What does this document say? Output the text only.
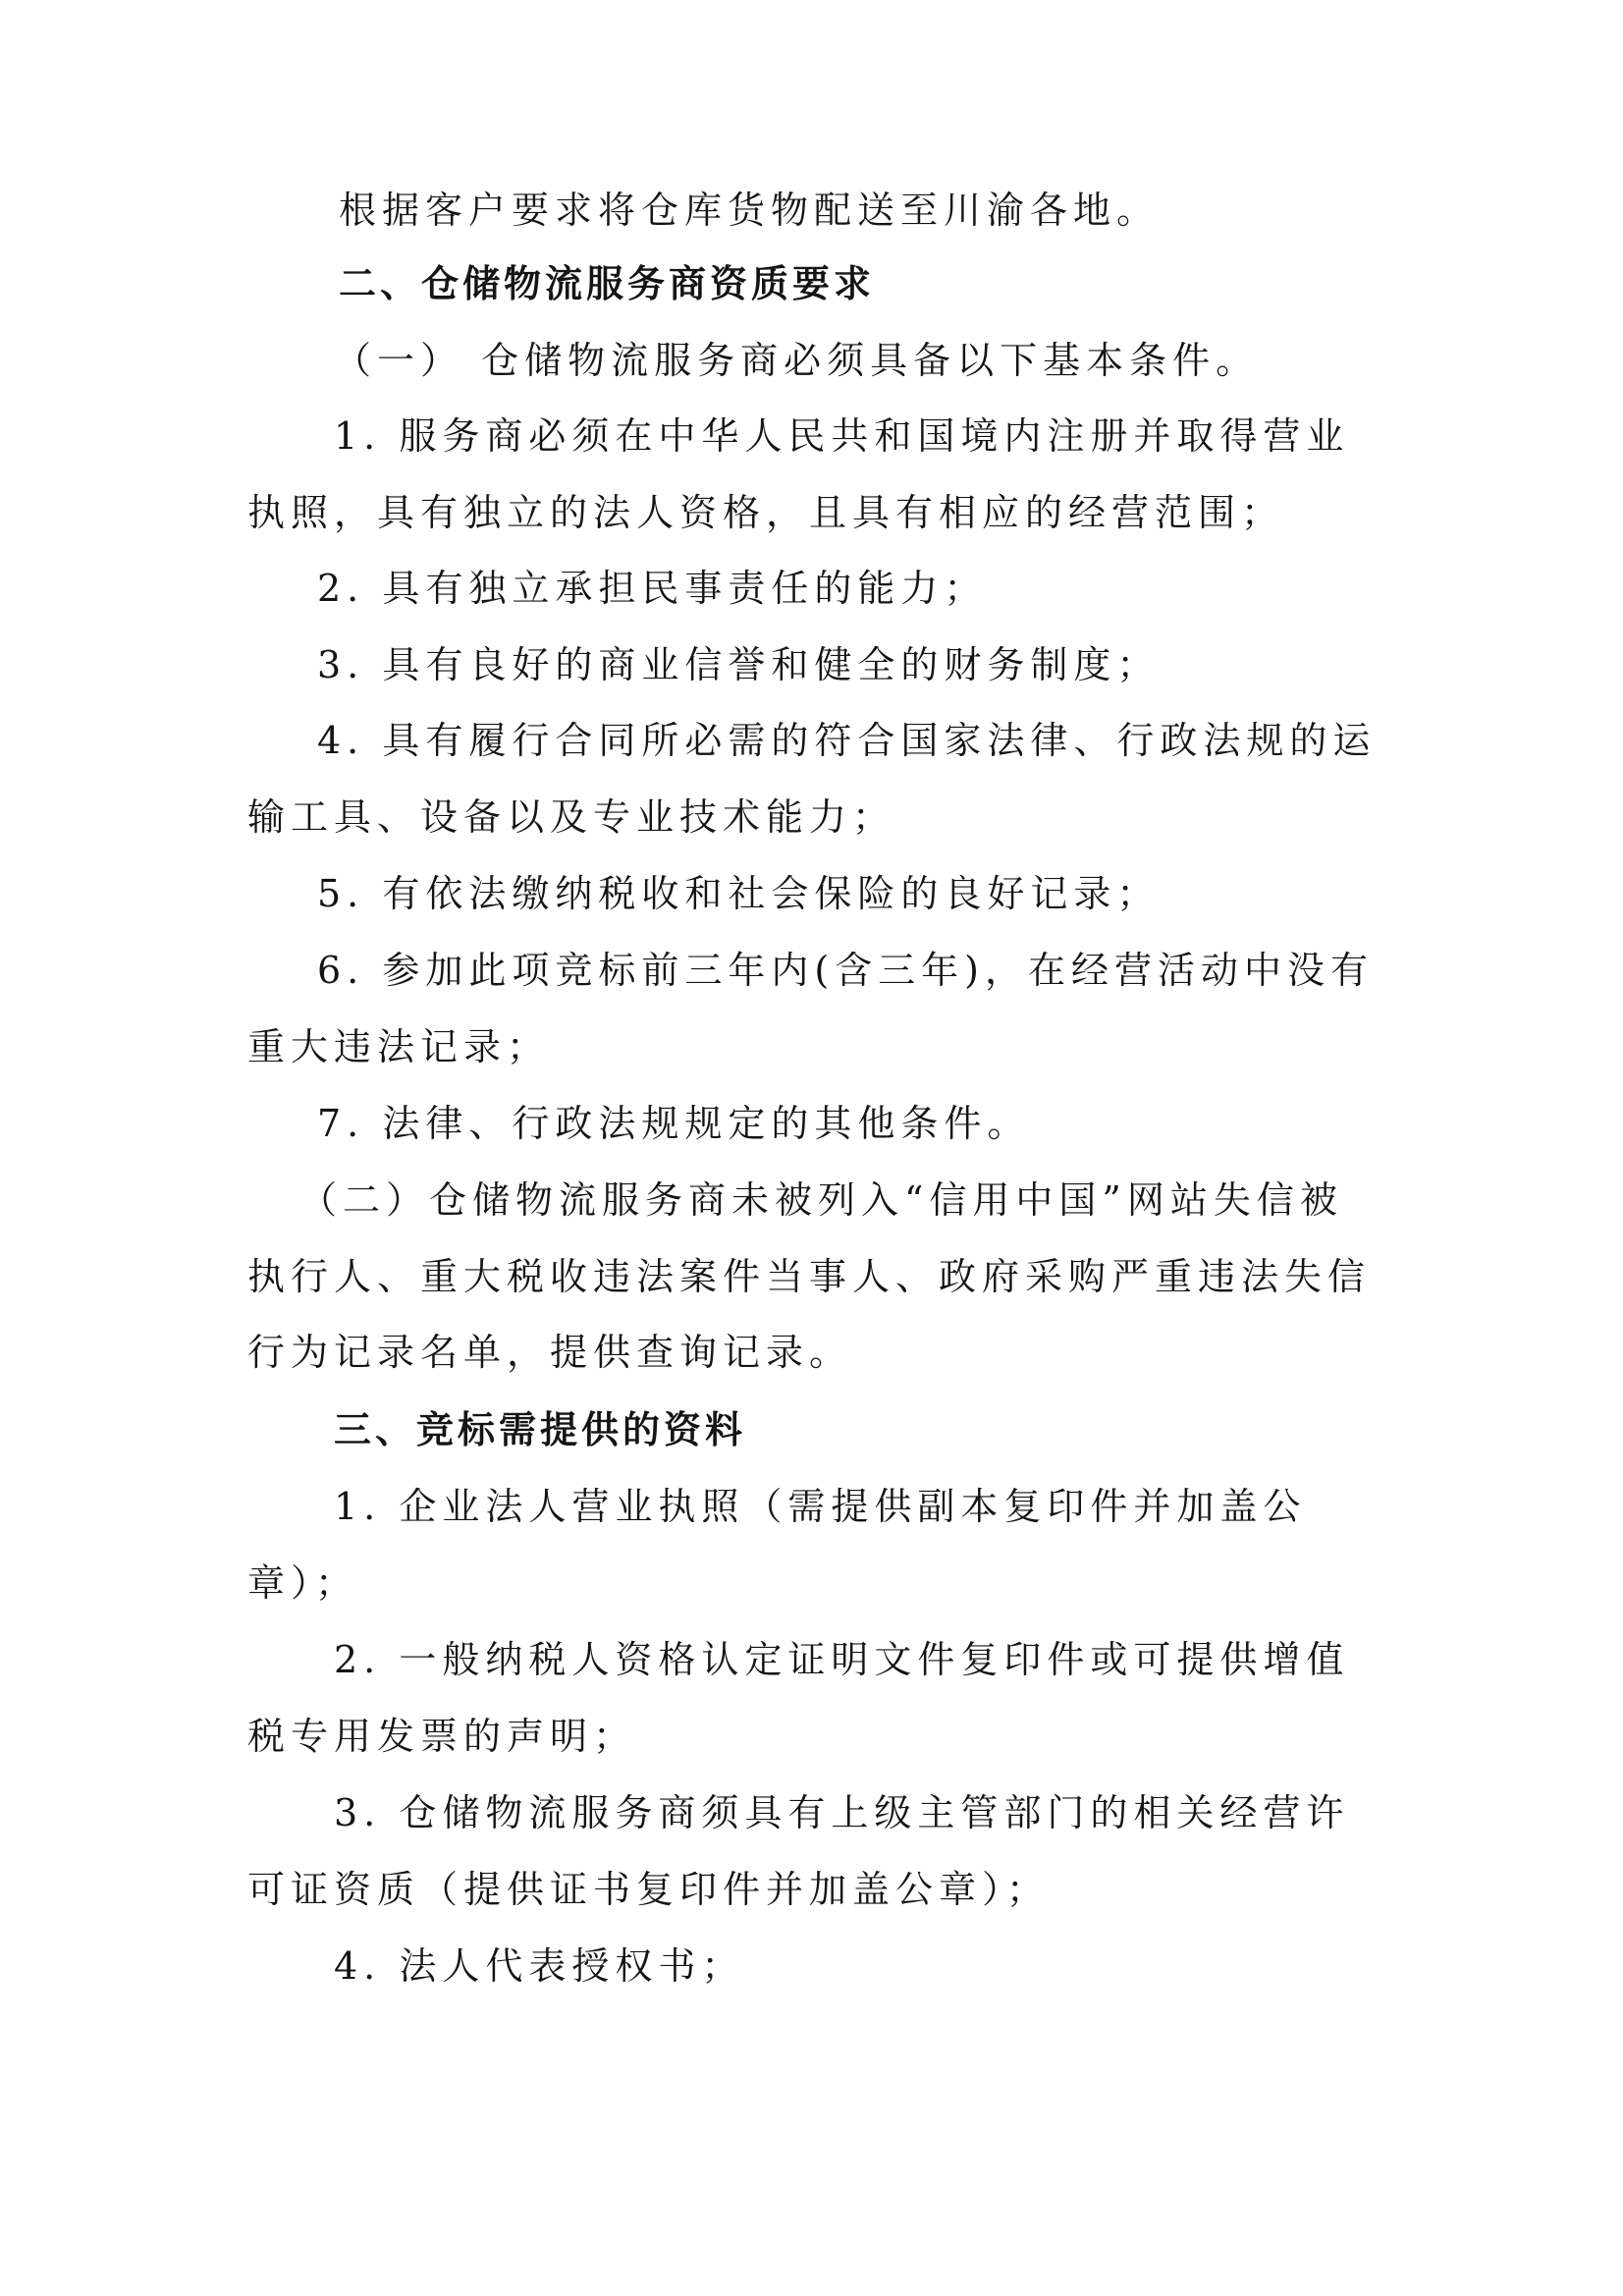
根据客户要求将仓库货物配送至川渝各地。
二、仓储物流服务商资质要求
（一） 仓储物流服务商必须具备以下基本条件。
1. 服务商必须在中华人民共和国境内注册并取得营业
执照，具有独立的法人资格，且具有相应的经营范围；
2. 具有独立承担民事责任的能力；
3. 具有良好的商业信誉和健全的财务制度；
4. 具有履行合同所必需的符合国家法律、行政法规的运
输工具、设备以及专业技术能力；
5. 有依法缴纳税收和社会保险的良好记录；
6. 参加此项竞标前三年内(含三年)，在经营活动中没有
重大违法记录；
7. 法律、行政法规规定的其他条件。
（二）仓储物流服务商未被列入“信用中国”网站失信被
执行人、重大税收违法案件当事人、政府采购严重违法失信
行为记录名单，提供查询记录。
三、竞标需提供的资料
1. 企业法人营业执照（需提供副本复印件并加盖公
章）；
2. 一般纳税人资格认定证明文件复印件或可提供增值
税专用发票的声明；
3. 仓储物流服务商须具有上级主管部门的相关经营许
可证资质（提供证书复印件并加盖公章）；
4. 法人代表授权书；
